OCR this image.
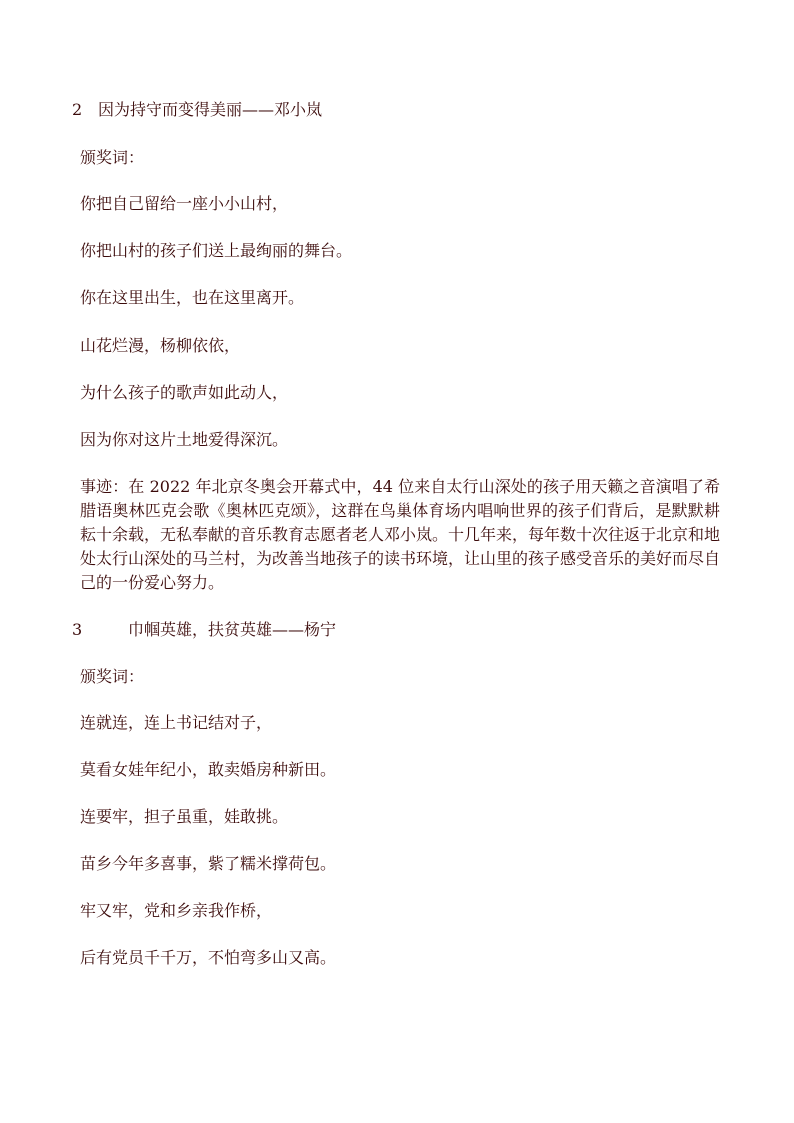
2 因为持守而变得美丽——邓小岚

颁奖词：

你把自己留给一座小小山村，

你把山村的孩子们送上最绚丽的舞台。

你在这里出生，也在这里离开。

山花烂漫，杨柳依依，

为什么孩子的歌声如此动人，

因为你对这片土地爱得深沉。

事迹：在 2022 年北京冬奥会开幕式中，44 位来自太行山深处的孩子用天籁之音演唱了希腊语奥林匹克会歌《奥林匹克颂》，这群在鸟巢体育场内唱响世界的孩子们背后，是默默耕耘十余载，无私奉献的音乐教育志愿者老人邓小岚。十几年来，每年数十次往返于北京和地处太行山深处的马兰村，为改善当地孩子的读书环境，让山里的孩子感受音乐的美好而尽自己的一份爱心努力。

3	巾帼英雄，扶贫英雄——杨宁

颁奖词：

连就连，连上书记结对子，

莫看女娃年纪小，敢卖婚房种新田。

连要牢，担子虽重，娃敢挑。

苗乡今年多喜事，紫了糯米撑荷包。

牢又牢，党和乡亲我作桥，

后有党员千千万，不怕弯多山又高。
